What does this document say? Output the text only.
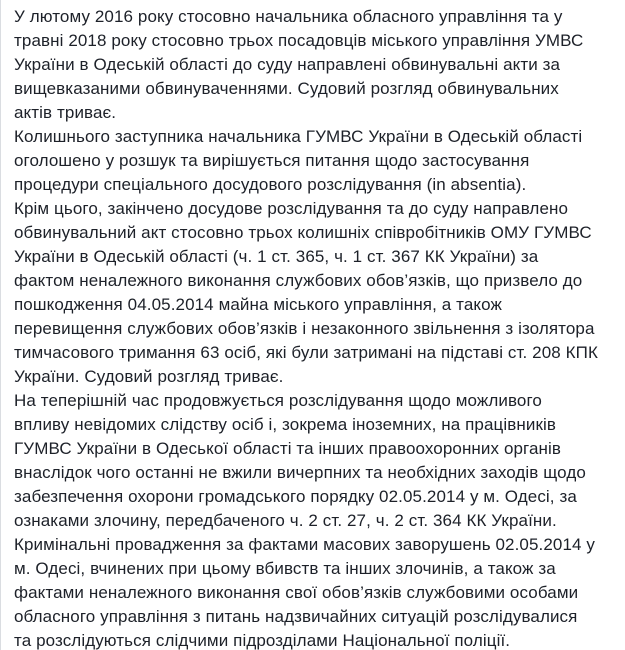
У лютому 2016 року стосовно начальника обласного управління та у
травні 2018 року стосовно трьох посадовців міського управління УМВС
України в Одеській області до суду направлені обвинувальні акти за
вищевказаними обвинуваченнями. Судовий розгляд обвинувальних
актів триває.
Колишнього заступника начальника ГУМВС України в Одеській області
оголошено у розшук та вирішується питання щодо застосування
процедури спеціального досудового розслідування (in absentia).
Крім цього, закінчено досудове розслідування та до суду направлено
обвинувальний акт стосовно трьох колишніх співробітників ОМУ ГУМВС
України в Одеській області (ч. 1 ст. 365, ч. 1 ст. 367 КК України) за
фактом неналежного виконання службових обов’язків, що призвело до
пошкодження 04.05.2014 майна міського управління, а також
перевищення службових обов’язків і незаконного звільнення з ізолятора
тимчасового тримання 63 осіб, які були затримані на підставі ст. 208 КПК
України. Судовий розгляд триває.
На теперішній час продовжується розслідування щодо можливого
впливу невідомих слідству осіб і, зокрема іноземних, на працівників
ГУМВС України в Одеської області та інших правоохоронних органів
внаслідок чого останні не вжили вичерпних та необхідних заходів щодо
забезпечення охорони громадського порядку 02.05.2014 у м. Одесі, за
ознаками злочину, передбаченого ч. 2 ст. 27, ч. 2 ст. 364 КК України.
Кримінальні провадження за фактами масових заворушень 02.05.2014 у
м. Одесі, вчинених при цьому вбивств та інших злочинів, а також за
фактами неналежного виконання свої обов’язків службовими особами
обласного управління з питань надзвичайних ситуацій розслідувалися
та розслідуються слідчими підрозділами Національної поліції.
